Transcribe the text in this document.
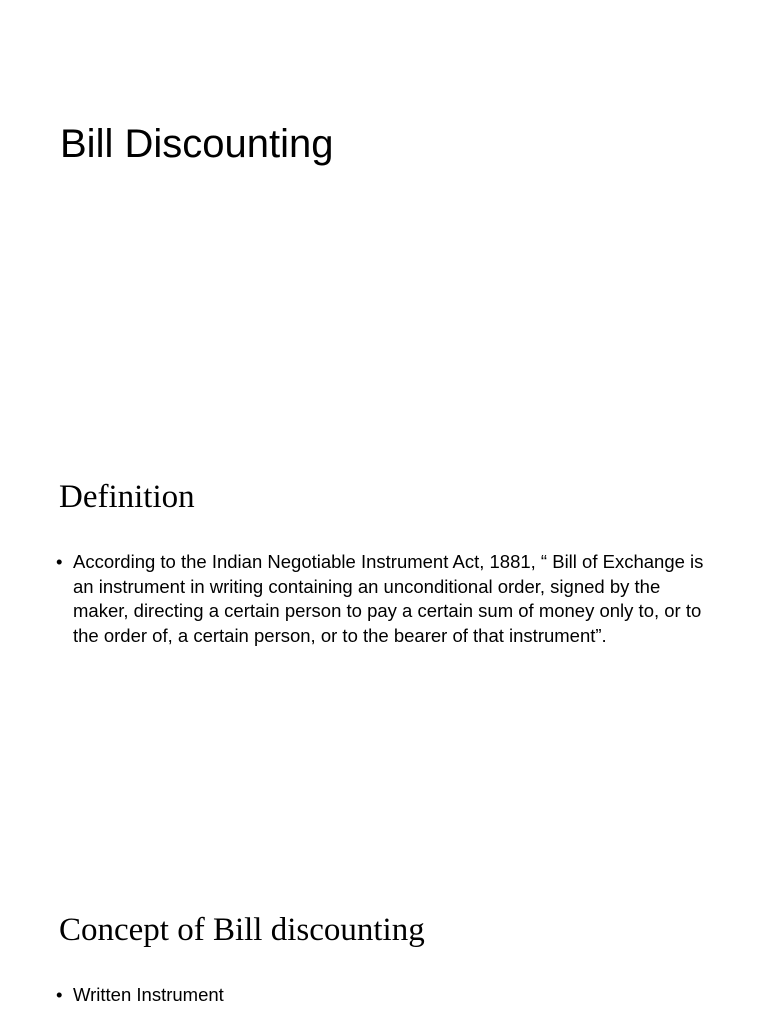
Bill Discounting
Definition
• According to the Indian Negotiable Instrument Act, 1881, “ Bill of Exchange is an instrument in writing containing an unconditional order, signed by the maker, directing a certain person to pay a certain sum of money only to, or to the order of, a certain person, or to the bearer of that instrument”.
Concept of Bill discounting
• Written Instrument
